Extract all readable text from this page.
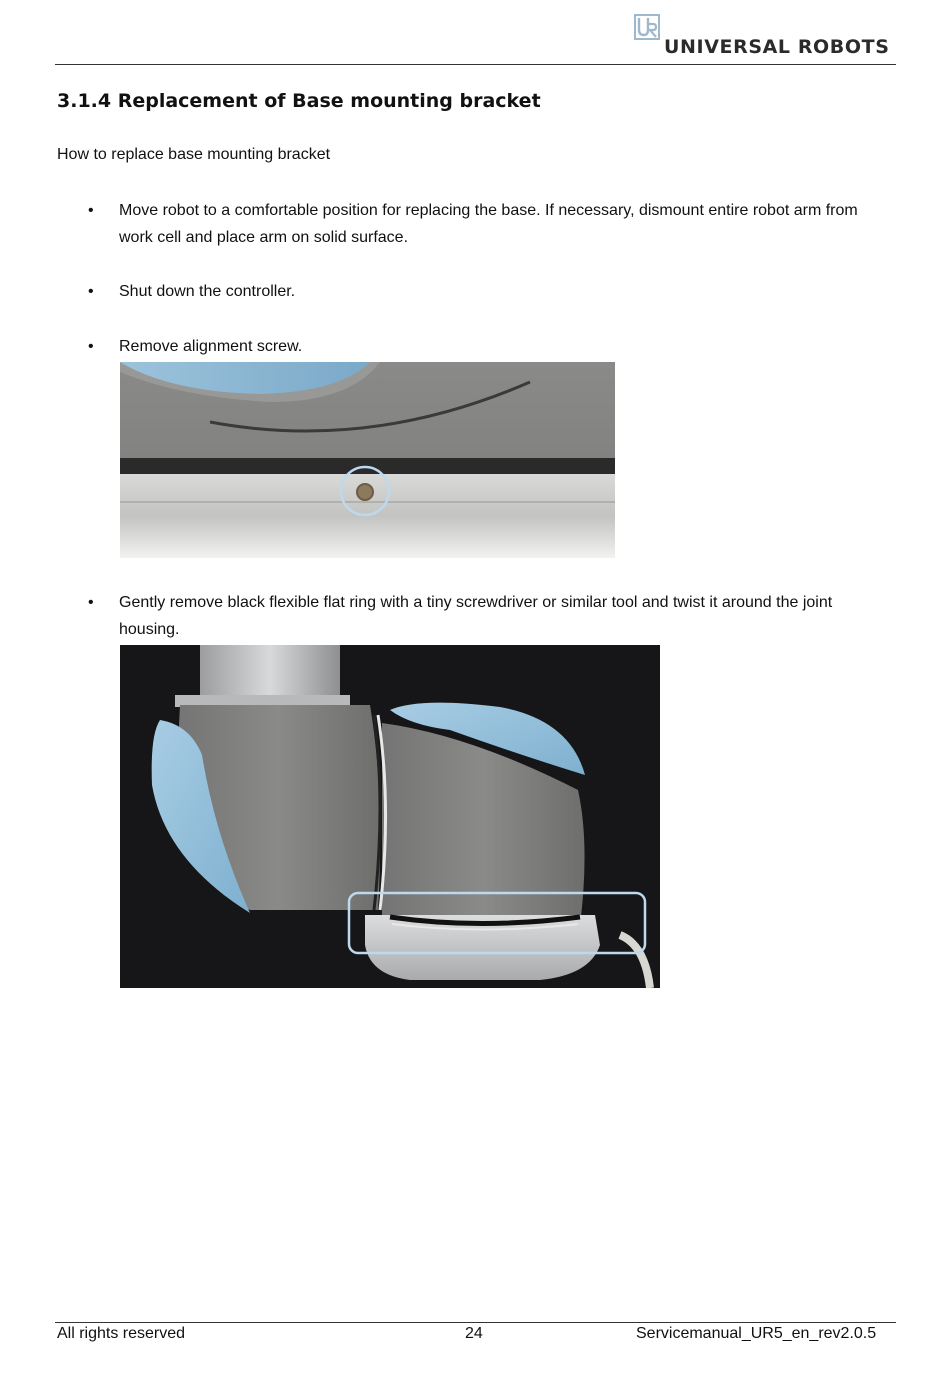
UNIVERSAL ROBOTS
3.1.4 Replacement of Base mounting bracket
How to replace base mounting bracket
•	Move robot to a comfortable position for replacing the base. If necessary, dismount entire robot arm from work cell and place arm on solid surface.
•	Shut down the controller.
•	Remove alignment screw.
•	Gently remove black flexible flat ring with a tiny screwdriver or similar tool and twist it around the joint housing.
All rights reserved	24	Servicemanual_UR5_en_rev2.0.5
